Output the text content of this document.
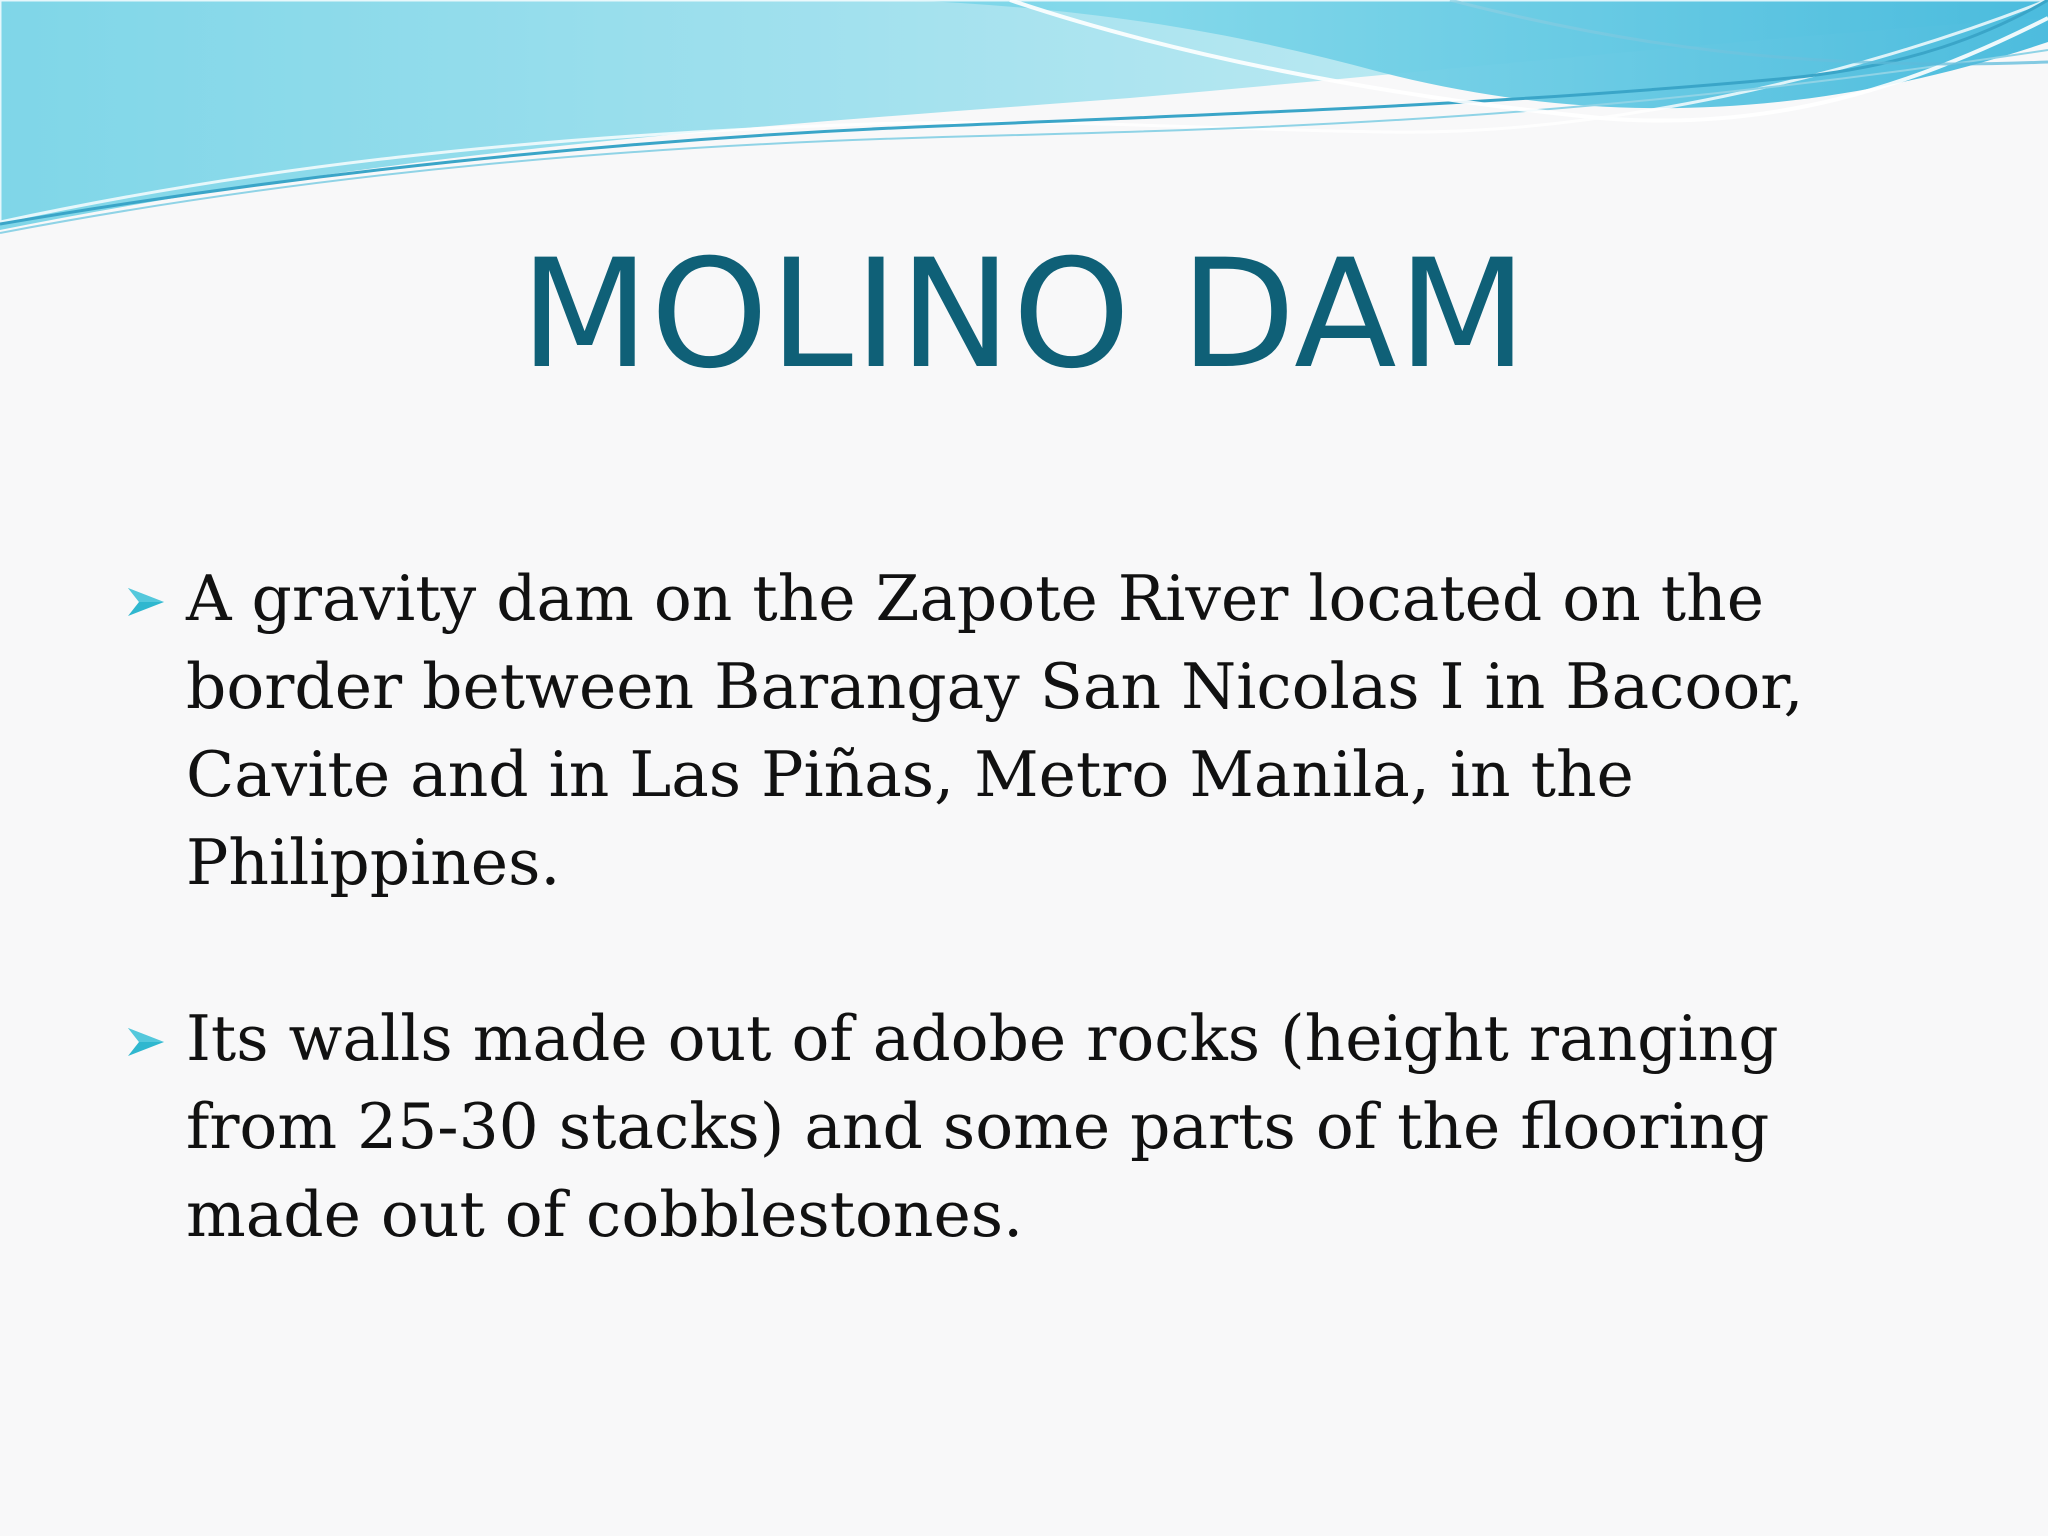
MOLINO DAM
A gravity dam on the Zapote River located on the border between Barangay San Nicolas I in Bacoor, Cavite and in Las Piñas, Metro Manila, in the Philippines.
Its walls made out of adobe rocks (height ranging from 25-30 stacks) and some parts of the flooring made out of cobblestones.
